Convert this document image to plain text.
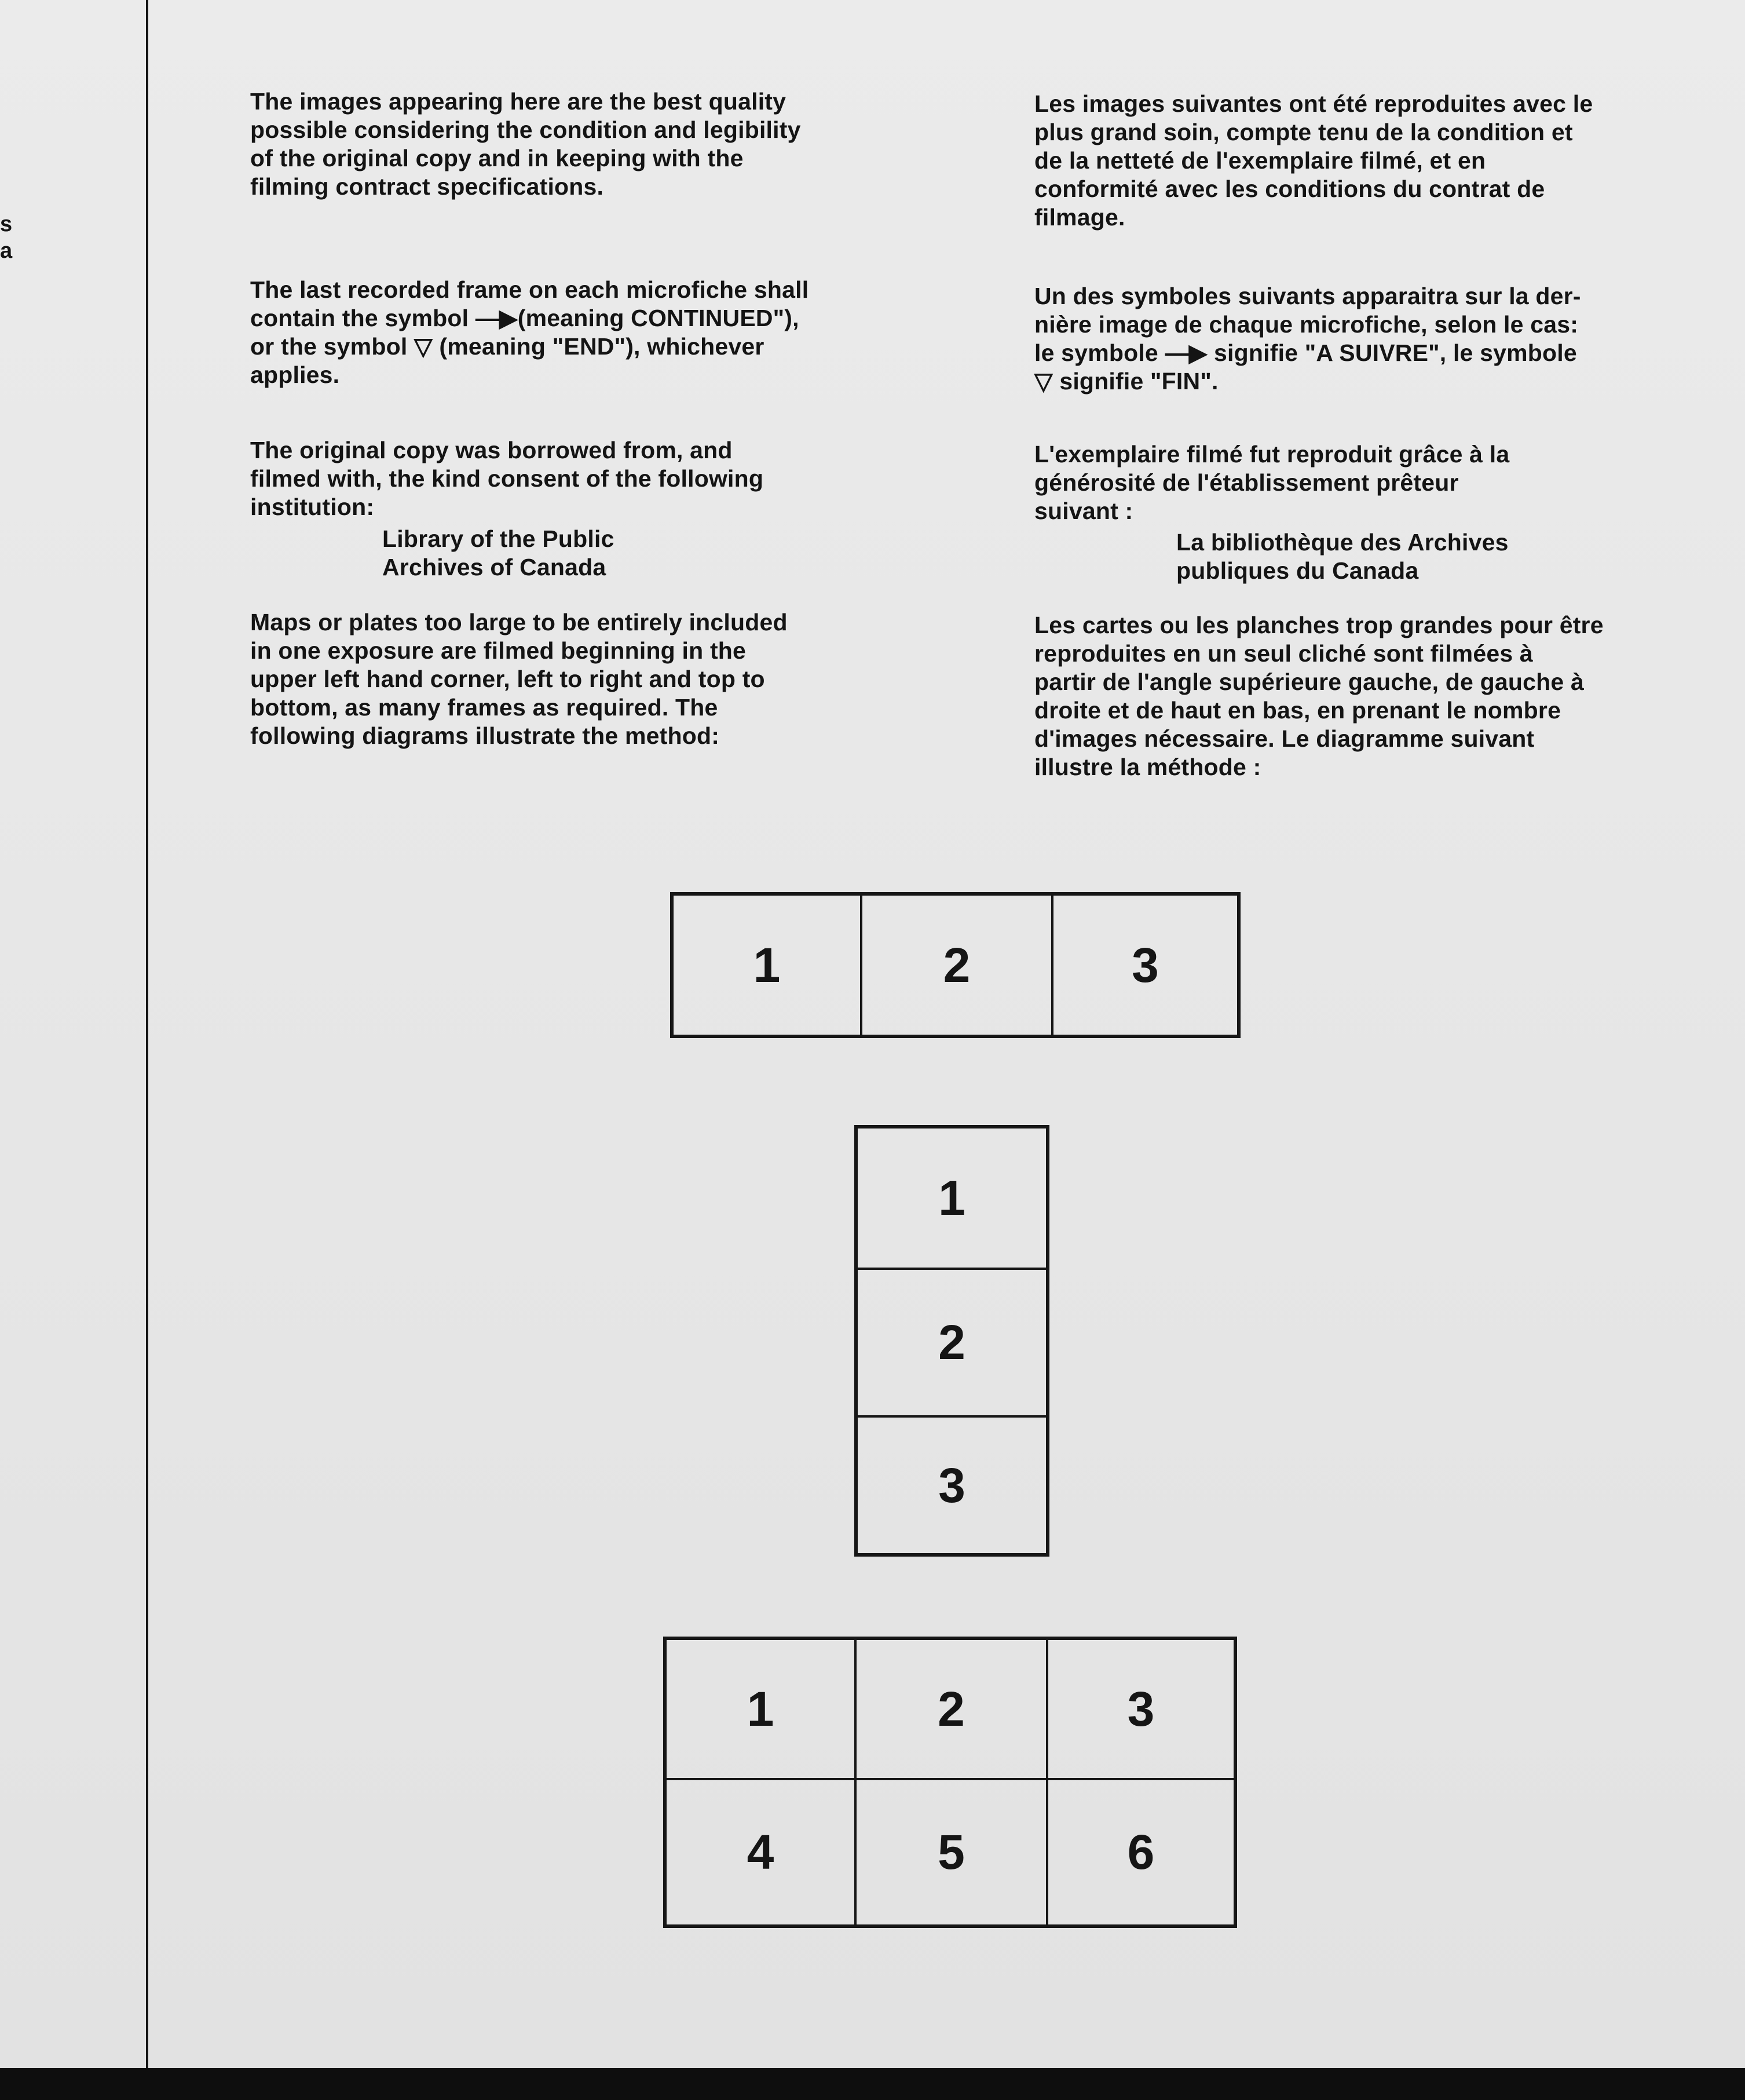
s
a
The images appearing here are the best quality
possible considering the condition and legibility
of the original copy and in keeping with the
filming contract specifications.
The last recorded frame on each microfiche shall
contain the symbol —▶(meaning CONTINUED"),
or the symbol ▽ (meaning "END"), whichever
applies.
The original copy was borrowed from, and
filmed with, the kind consent of the following
institution:
Library of the Public
Archives of Canada
Maps or plates too large to be entirely included
in one exposure are filmed beginning in the
upper left hand corner, left to right and top to
bottom, as many frames as required. The
following diagrams illustrate the method:
Les images suivantes ont été reproduites avec le
plus grand soin, compte tenu de la condition et
de la netteté de l'exemplaire filmé, et en
conformité avec les conditions du contrat de
filmage.
Un des symboles suivants apparaitra sur la der-
nière image de chaque microfiche, selon le cas:
le symbole —▶ signifie "A SUIVRE", le symbole
▽ signifie "FIN".
L'exemplaire filmé fut reproduit grâce à la
générosité de l'établissement prêteur
suivant :
La bibliothèque des Archives
publiques du Canada
Les cartes ou les planches trop grandes pour être
reproduites en un seul cliché sont filmées à
partir de l'angle supérieure gauche, de gauche à
droite et de haut en bas, en prenant le nombre
d'images nécessaire. Le diagramme suivant
illustre la méthode :
1	2	3
1
2
3
1	2	3
4	5	6
